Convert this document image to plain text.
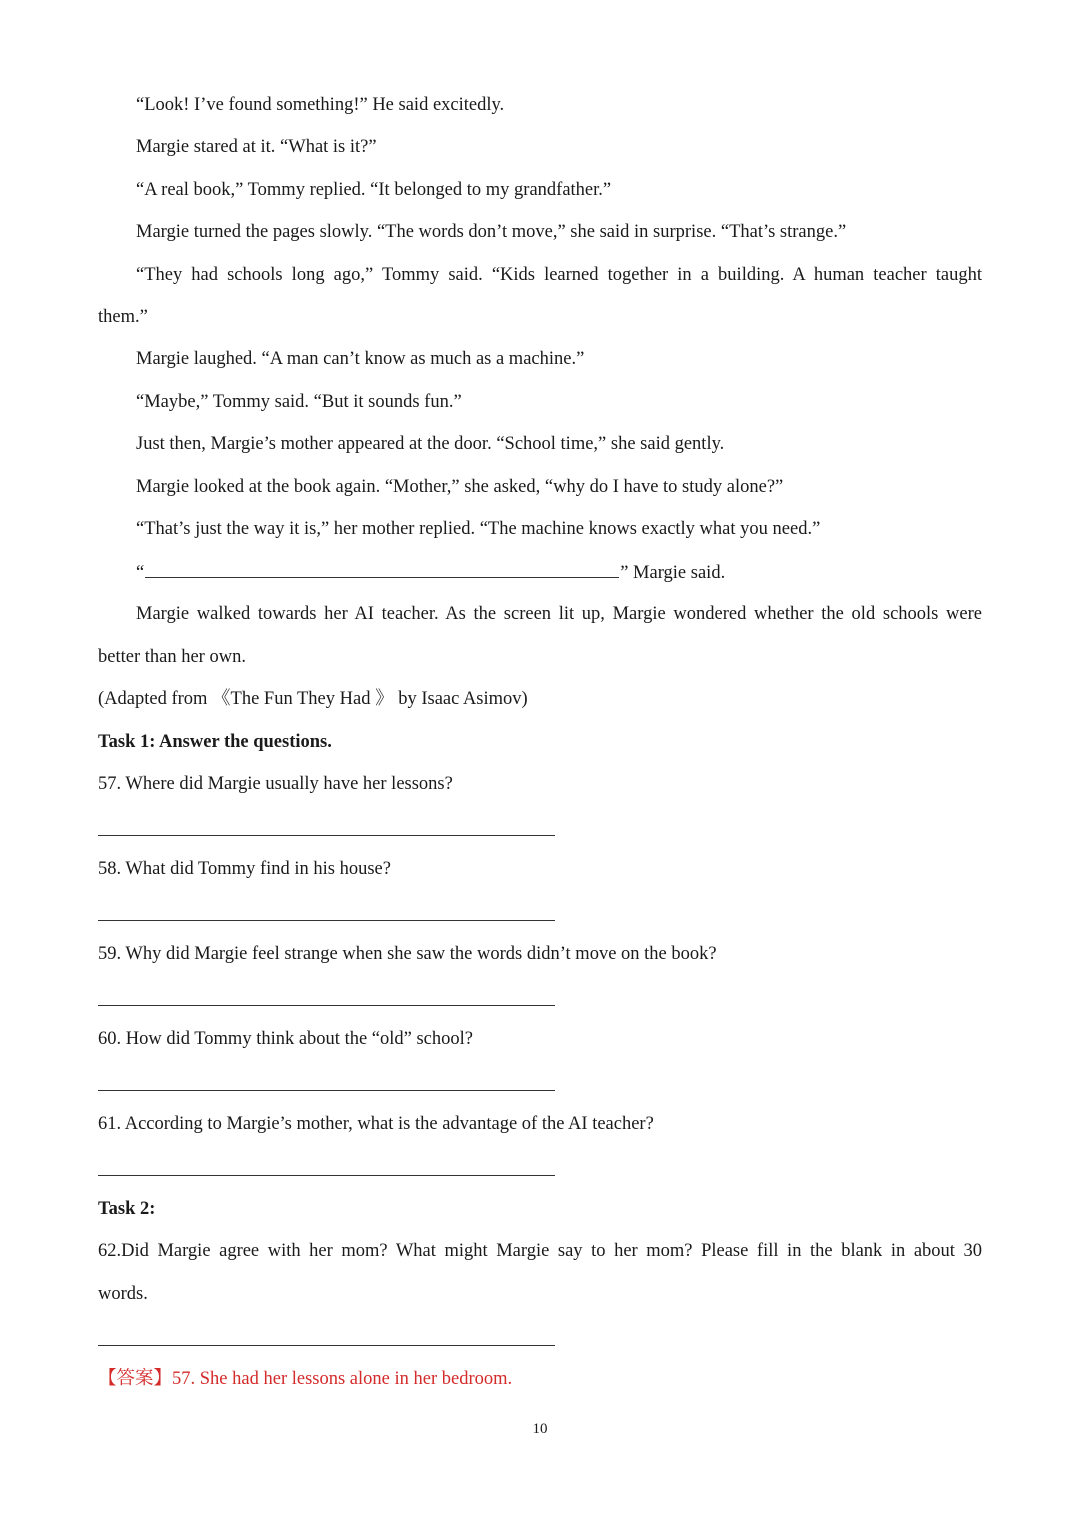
“Look! I’ve found something!” He said excitedly.
Margie stared at it. “What is it?”
“A real book,” Tommy replied. “It belonged to my grandfather.”
Margie turned the pages slowly. “The words don’t move,” she said in surprise. “That’s strange.”
“They had schools long ago,” Tommy said. “Kids learned together in a building. A human teacher taught
them.”
Margie laughed. “A man can’t know as much as a machine.”
“Maybe,” Tommy said. “But it sounds fun.”
Just then, Margie’s mother appeared at the door. “School time,” she said gently.
Margie looked at the book again. “Mother,” she asked, “why do I have to study alone?”
“That’s just the way it is,” her mother replied. “The machine knows exactly what you need.”
“	” Margie said.
Margie walked towards her AI teacher. As the screen lit up, Margie wondered whether the old schools were
better than her own.
(Adapted from 《The Fun They Had 》 by Isaac Asimov)
Task 1: Answer the questions.
57. Where did Margie usually have her lessons?
58. What did Tommy find in his house?
59. Why did Margie feel strange when she saw the words didn’t move on the book?
60. How did Tommy think about the “old” school?
61. According to Margie’s mother, what is the advantage of the AI teacher?
Task 2:
62.Did Margie agree with her mom? What might Margie say to her mom? Please fill in the blank in about 30
words.
【答案】57. She had her lessons alone in her bedroom.
10
